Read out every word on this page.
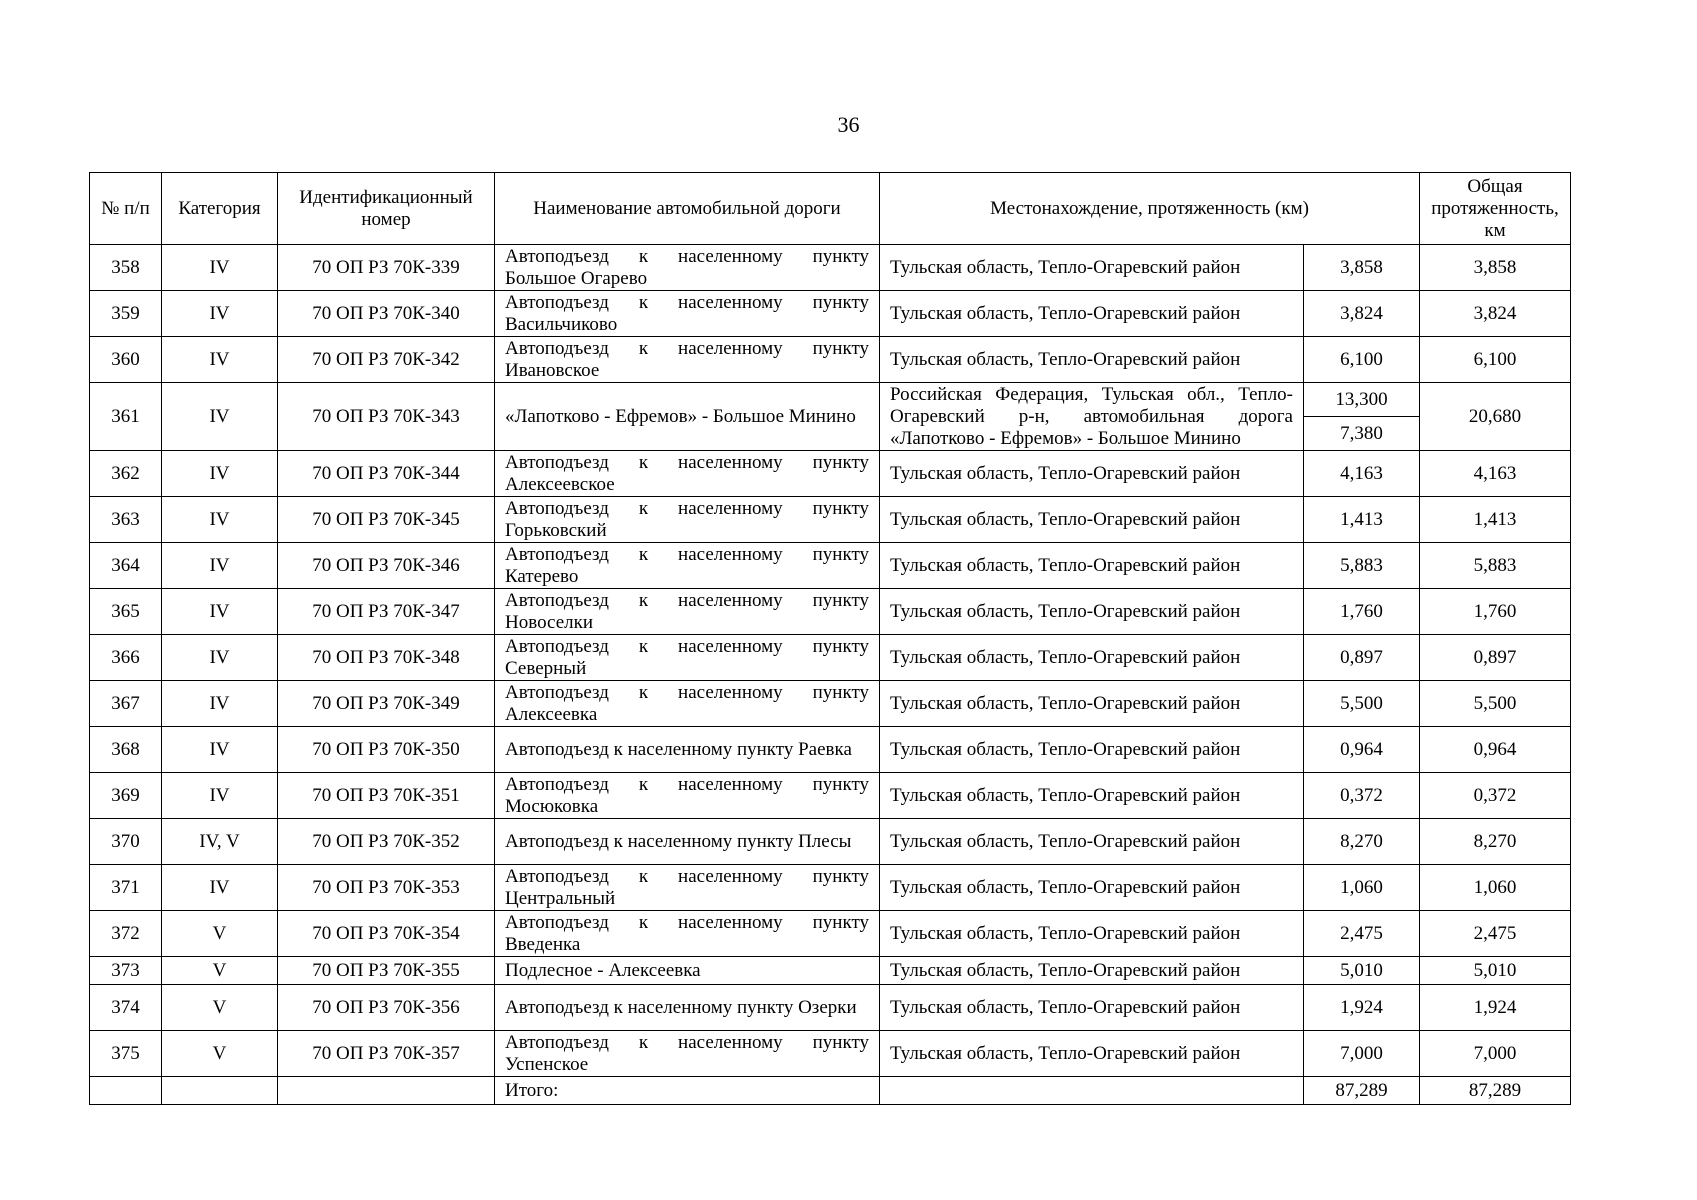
36
№ п/п	Категория	Идентификационный номер	Наименование автомобильной дороги	Местонахождение, протяженность (км)		Общая протяженность, км
358	IV	70 ОП РЗ 70К-339	Автоподъезд к населенному пункту Большое Огарево	Тульская область, Тепло-Огаревский район	3,858	3,858
359	IV	70 ОП РЗ 70К-340	Автоподъезд к населенному пункту Васильчиково	Тульская область, Тепло-Огаревский район	3,824	3,824
360	IV	70 ОП РЗ 70К-342	Автоподъезд к населенному пункту Ивановское	Тульская область, Тепло-Огаревский район	6,100	6,100
361	IV	70 ОП РЗ 70К-343	«Лапотково - Ефремов» - Большое Минино	Российская Федерация, Тульская обл., Тепло-Огаревский р-н, автомобильная дорога «Лапотково - Ефремов» - Большое Минино	13,300	20,680
					7,380	
362	IV	70 ОП РЗ 70К-344	Автоподъезд к населенному пункту Алексеевское	Тульская область, Тепло-Огаревский район	4,163	4,163
363	IV	70 ОП РЗ 70К-345	Автоподъезд к населенному пункту Горьковский	Тульская область, Тепло-Огаревский район	1,413	1,413
364	IV	70 ОП РЗ 70К-346	Автоподъезд к населенному пункту Катерево	Тульская область, Тепло-Огаревский район	5,883	5,883
365	IV	70 ОП РЗ 70К-347	Автоподъезд к населенному пункту Новоселки	Тульская область, Тепло-Огаревский район	1,760	1,760
366	IV	70 ОП РЗ 70К-348	Автоподъезд к населенному пункту Северный	Тульская область, Тепло-Огаревский район	0,897	0,897
367	IV	70 ОП РЗ 70К-349	Автоподъезд к населенному пункту Алексеевка	Тульская область, Тепло-Огаревский район	5,500	5,500
368	IV	70 ОП РЗ 70К-350	Автоподъезд к населенному пункту Раевка	Тульская область, Тепло-Огаревский район	0,964	0,964
369	IV	70 ОП РЗ 70К-351	Автоподъезд к населенному пункту Мосюковка	Тульская область, Тепло-Огаревский район	0,372	0,372
370	IV, V	70 ОП РЗ 70К-352	Автоподъезд к населенному пункту Плесы	Тульская область, Тепло-Огаревский район	8,270	8,270
371	IV	70 ОП РЗ 70К-353	Автоподъезд к населенному пункту Центральный	Тульская область, Тепло-Огаревский район	1,060	1,060
372	V	70 ОП РЗ 70К-354	Автоподъезд к населенному пункту Введенка	Тульская область, Тепло-Огаревский район	2,475	2,475
373	V	70 ОП РЗ 70К-355	Подлесное - Алексеевка	Тульская область, Тепло-Огаревский район	5,010	5,010
374	V	70 ОП РЗ 70К-356	Автоподъезд к населенному пункту Озерки	Тульская область, Тепло-Огаревский район	1,924	1,924
375	V	70 ОП РЗ 70К-357	Автоподъезд к населенному пункту Успенское	Тульская область, Тепло-Огаревский район	7,000	7,000
			Итого:		87,289	87,289
